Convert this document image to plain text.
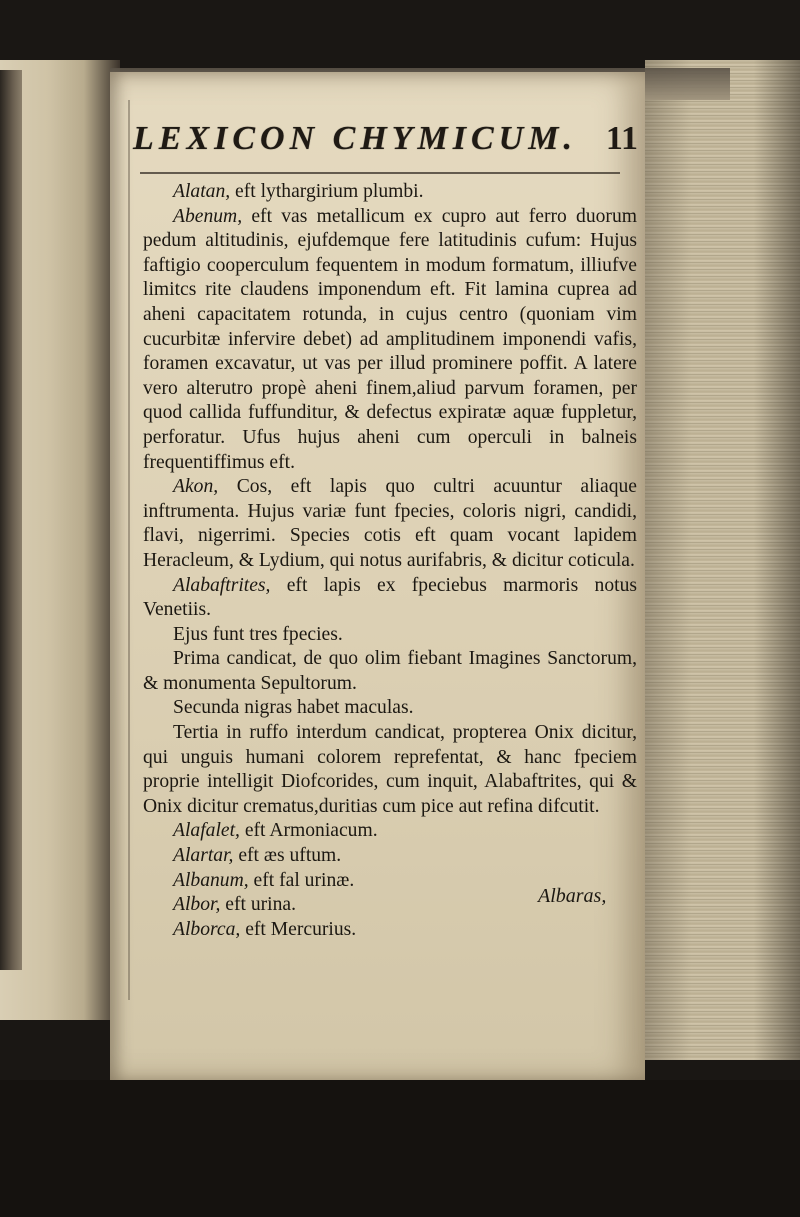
LEXICON CHYMICUM. 11

Alatan, eft lythargirium plumbi.

Abenum, eft vas metallicum ex cupro aut ferro duorum pedum altitudinis, ejufdemque fere latitudinis cufum: Hujus faftigio cooperculum fequentem in modum formatum, illiufve limitcs rite claudens imponendum eft. Fit lamina cuprea ad aheni capacitatem rotunda, in cujus centro (quoniam vim cucurbitæ infervire debet) ad amplitudinem imponendi vafis, foramen excavatur, ut vas per illud prominere poffit. A latere vero alterutro propè aheni finem,aliud parvum foramen, per quod callida fuffunditur, & defectus expiratæ aquæ fuppletur, perforatur. Ufus hujus aheni cum operculi in balneis frequentiffimus eft.

Akon, Cos, eft lapis quo cultri acuuntur aliaque inftrumenta. Hujus variæ funt fpecies, coloris nigri, candidi, flavi, nigerrimi. Species cotis eft quam vocant lapidem Heracleum, & Lydium, qui notus aurifabris, & dicitur coticula.

Alabaftrites, eft lapis ex fpeciebus marmoris notus Venetiis.

Ejus funt tres fpecies.

Prima candicat, de quo olim fiebant Imagines Sanctorum, & monumenta Sepultorum.

Secunda nigras habet maculas.

Tertia in ruffo interdum candicat, propterea Onix dicitur, qui unguis humani colorem reprefentat, & hanc fpeciem proprie intelligit Diofcorides, cum inquit, Alabaftrites, qui & Onix dicitur crematus,duritias cum pice aut refina difcutit.

Alafalet, eft Armoniacum.

Alartar, eft æs uftum.

Albanum, eft fal urinæ.

Albor, eft urina.

Alborca, eft Mercurius.

Albaras,
